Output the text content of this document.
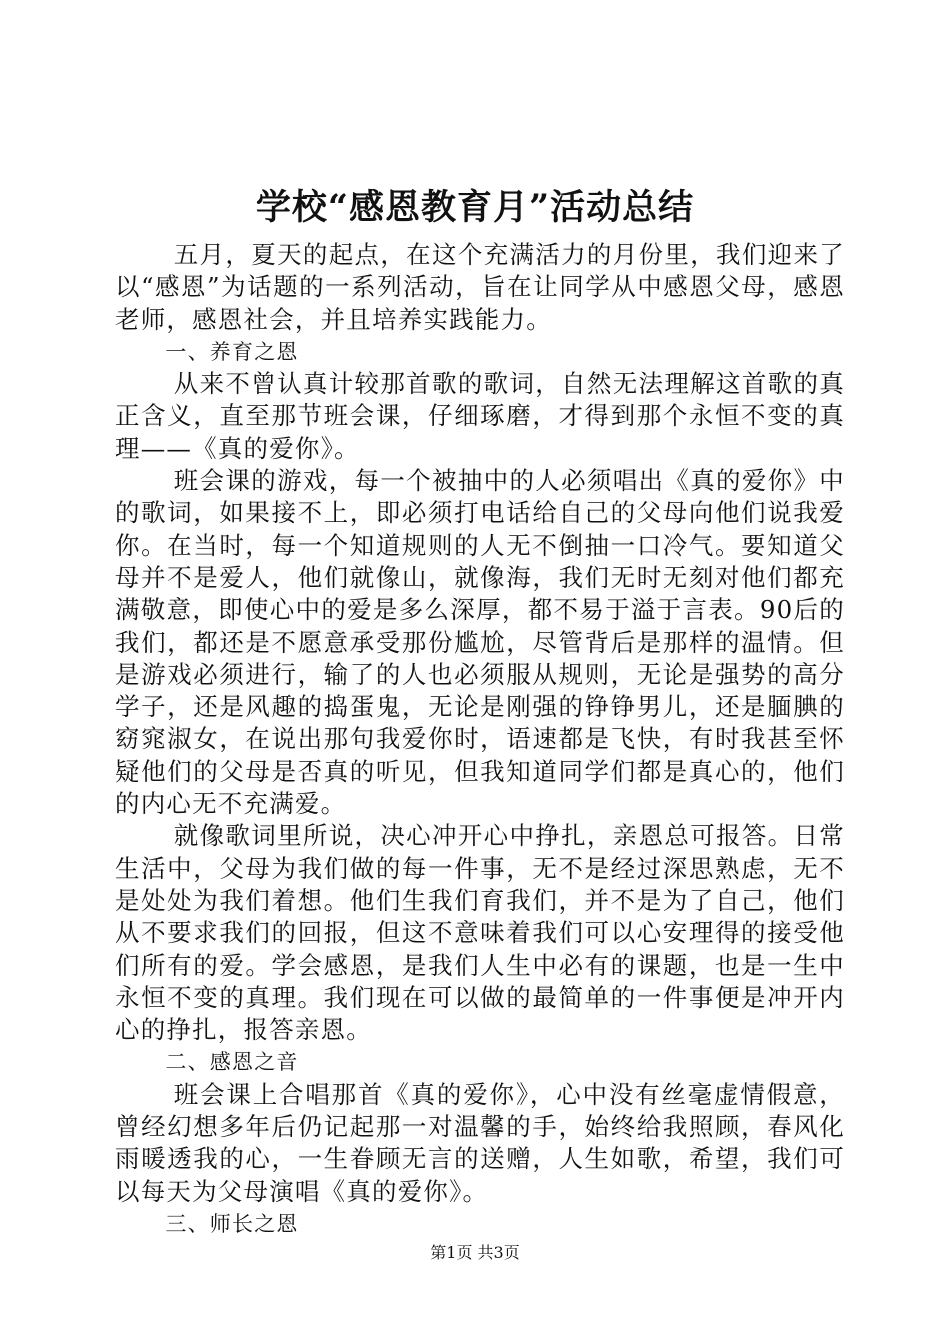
学校“感恩教育月”活动总结

五月，夏天的起点，在这个充满活力的月份里，我们迎来了以“感恩”为话题的一系列活动，旨在让同学从中感恩父母，感恩老师，感恩社会，并且培养实践能力。

一、养育之恩

从来不曾认真计较那首歌的歌词，自然无法理解这首歌的真正含义，直至那节班会课，仔细琢磨，才得到那个永恒不变的真理——《真的爱你》。

班会课的游戏，每一个被抽中的人必须唱出《真的爱你》中的歌词，如果接不上，即必须打电话给自己的父母向他们说我爱你。在当时，每一个知道规则的人无不倒抽一口冷气。要知道父母并不是爱人，他们就像山，就像海，我们无时无刻对他们都充满敬意，即使心中的爱是多么深厚，都不易于溢于言表。90后的我们，都还是不愿意承受那份尴尬，尽管背后是那样的温情。但是游戏必须进行，输了的人也必须服从规则，无论是强势的高分学子，还是风趣的捣蛋鬼，无论是刚强的铮铮男儿，还是腼腆的窈窕淑女，在说出那句我爱你时，语速都是飞快，有时我甚至怀疑他们的父母是否真的听见，但我知道同学们都是真心的，他们的内心无不充满爱。

就像歌词里所说，决心冲开心中挣扎，亲恩总可报答。日常生活中，父母为我们做的每一件事，无不是经过深思熟虑，无不是处处为我们着想。他们生我们育我们，并不是为了自己，他们从不要求我们的回报，但这不意味着我们可以心安理得的接受他们所有的爱。学会感恩，是我们人生中必有的课题，也是一生中永恒不变的真理。我们现在可以做的最简单的一件事便是冲开内心的挣扎，报答亲恩。

二、感恩之音

班会课上合唱那首《真的爱你》，心中没有丝毫虚情假意，曾经幻想多年后仍记起那一对温馨的手，始终给我照顾，春风化雨暖透我的心，一生眷顾无言的送赠，人生如歌，希望，我们可以每天为父母演唱《真的爱你》。

三、师长之恩

第1页 共3页
